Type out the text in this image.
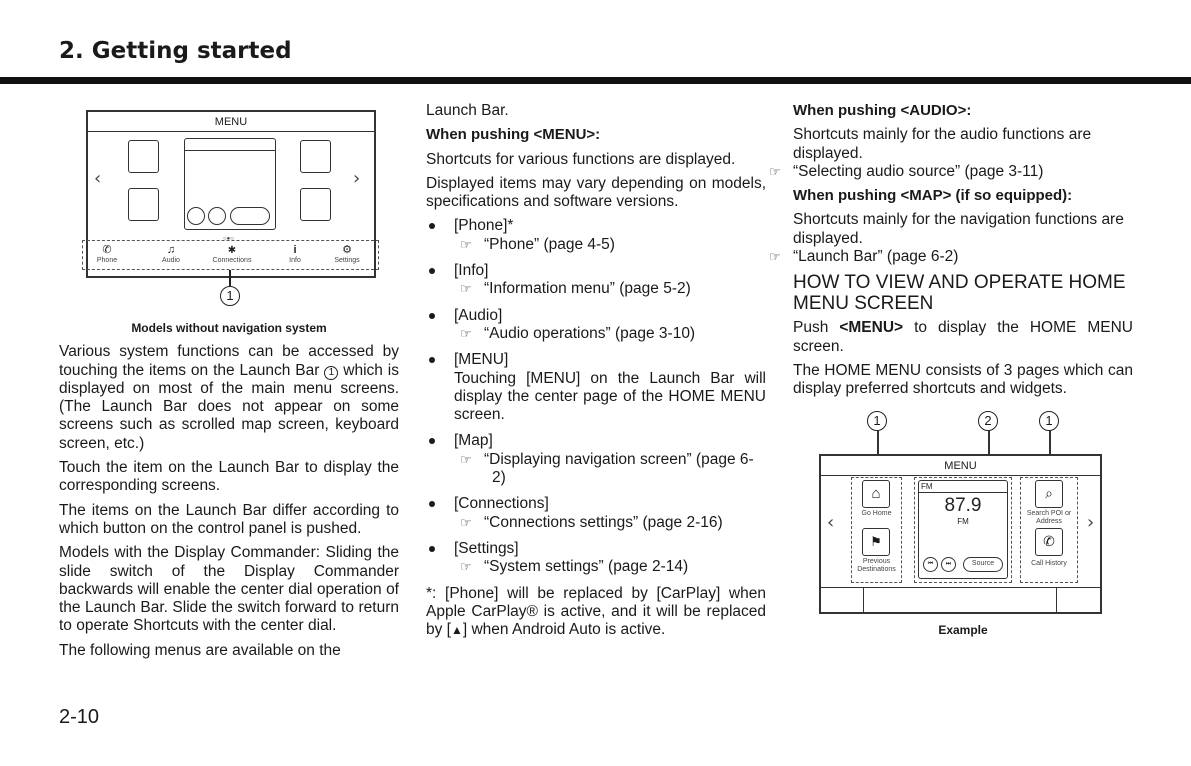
2. Getting started
MENU
‹	›
○●○
✆
Phone
♫
Audio
✱
Connections
i
Info
⚙
Settings
1
Models without navigation system

Various system functions can be accessed by touching the items on the Launch Bar 1 which is displayed on most of the main menu screens. (The Launch Bar does not appear on some screens such as scrolled map screen, keyboard screen, etc.)

Touch the item on the Launch Bar to display the corresponding screens.

The items on the Launch Bar differ according to which button on the control panel is pushed.

Models with the Display Commander: Sliding the slide switch of the Display Commander backwards will enable the center dial operation of the Launch Bar. Slide the switch forward to return to operate Shortcuts with the center dial.

The following menus are available on the

Launch Bar.

When pushing <MENU>:

Shortcuts for various functions are displayed.

Displayed items may vary depending on models, specifications and software versions.

[Phone]*
☞ “Phone” (page 4-5)
[Info]
☞ “Information menu” (page 5-2)
[Audio]
☞ “Audio operations” (page 3-10)
[MENU]
Touching [MENU] on the Launch Bar will display the center page of the HOME MENU screen.
[Map]
☞ “Displaying navigation screen” (page 6-2)
[Connections]
☞ “Connections settings” (page 2-16)
[Settings]
☞ “System settings” (page 2-14)

*: [Phone] will be replaced by [CarPlay] when Apple CarPlay® is active, and it will be replaced by [▲] when Android Auto is active.

When pushing <AUDIO>:
Shortcuts mainly for the audio functions are displayed.
☞ “Selecting audio source” (page 3-11)
When pushing <MAP> (if so equipped):
Shortcuts mainly for the navigation functions are displayed.
☞ “Launch Bar” (page 6-2)
HOW TO VIEW AND OPERATE HOME MENU SCREEN

Push <MENU> to display the HOME MENU screen.

The HOME MENU consists of 3 pages which can display preferred shortcuts and widgets.

1	2	1
MENU
⌂
Go Home
⚑
Previous Destinations
FM
87.9
FM
⏮	⏭	Source
⌕
Search POI or Address
✆
Call History
‹	›
Example
2-10
